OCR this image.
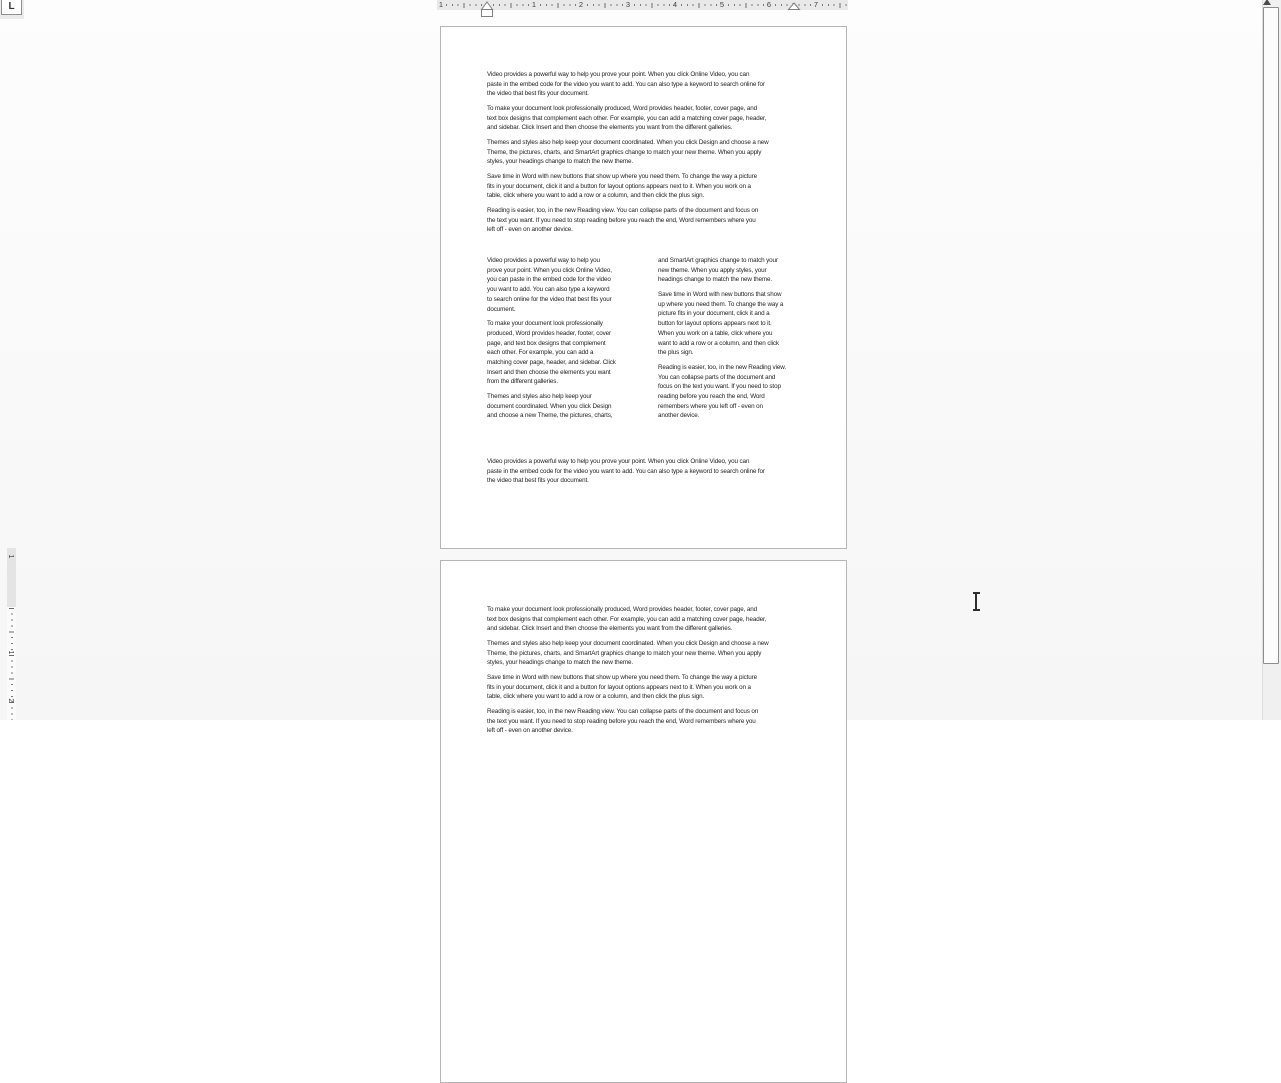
L	1	1	2	3	4	5	6	7
1
1
2

Video provides a powerful way to help you prove your point. When you click Online Video, you can
paste in the embed code for the video you want to add. You can also type a keyword to search online for
the video that best fits your document.

To make your document look professionally produced, Word provides header, footer, cover page, and
text box designs that complement each other. For example, you can add a matching cover page, header,
and sidebar. Click Insert and then choose the elements you want from the different galleries.

Themes and styles also help keep your document coordinated. When you click Design and choose a new
Theme, the pictures, charts, and SmartArt graphics change to match your new theme. When you apply
styles, your headings change to match the new theme.

Save time in Word with new buttons that show up where you need them. To change the way a picture
fits in your document, click it and a button for layout options appears next to it. When you work on a
table, click where you want to add a row or a column, and then click the plus sign.

Reading is easier, too, in the new Reading view. You can collapse parts of the document and focus on
the text you want. If you need to stop reading before you reach the end, Word remembers where you
left off - even on another device.

Video provides a powerful way to help you
prove your point. When you click Online Video,
you can paste in the embed code for the video
you want to add. You can also type a keyword
to search online for the video that best fits your
document.

To make your document look professionally
produced, Word provides header, footer, cover
page, and text box designs that complement
each other. For example, you can add a
matching cover page, header, and sidebar. Click
Insert and then choose the elements you want
from the different galleries.

Themes and styles also help keep your
document coordinated. When you click Design
and choose a new Theme, the pictures, charts,

and SmartArt graphics change to match your
new theme. When you apply styles, your
headings change to match the new theme.

Save time in Word with new buttons that show
up where you need them. To change the way a
picture fits in your document, click it and a
button for layout options appears next to it.
When you work on a table, click where you
want to add a row or a column, and then click
the plus sign.

Reading is easier, too, in the new Reading view.
You can collapse parts of the document and
focus on the text you want. If you need to stop
reading before you reach the end, Word
remembers where you left off - even on
another device.

Video provides a powerful way to help you prove your point. When you click Online Video, you can
paste in the embed code for the video you want to add. You can also type a keyword to search online for
the video that best fits your document.

To make your document look professionally produced, Word provides header, footer, cover page, and
text box designs that complement each other. For example, you can add a matching cover page, header,
and sidebar. Click Insert and then choose the elements you want from the different galleries.

Themes and styles also help keep your document coordinated. When you click Design and choose a new
Theme, the pictures, charts, and SmartArt graphics change to match your new theme. When you apply
styles, your headings change to match the new theme.

Save time in Word with new buttons that show up where you need them. To change the way a picture
fits in your document, click it and a button for layout options appears next to it. When you work on a
table, click where you want to add a row or a column, and then click the plus sign.

Reading is easier, too, in the new Reading view. You can collapse parts of the document and focus on
the text you want. If you need to stop reading before you reach the end, Word remembers where you
left off - even on another device.
